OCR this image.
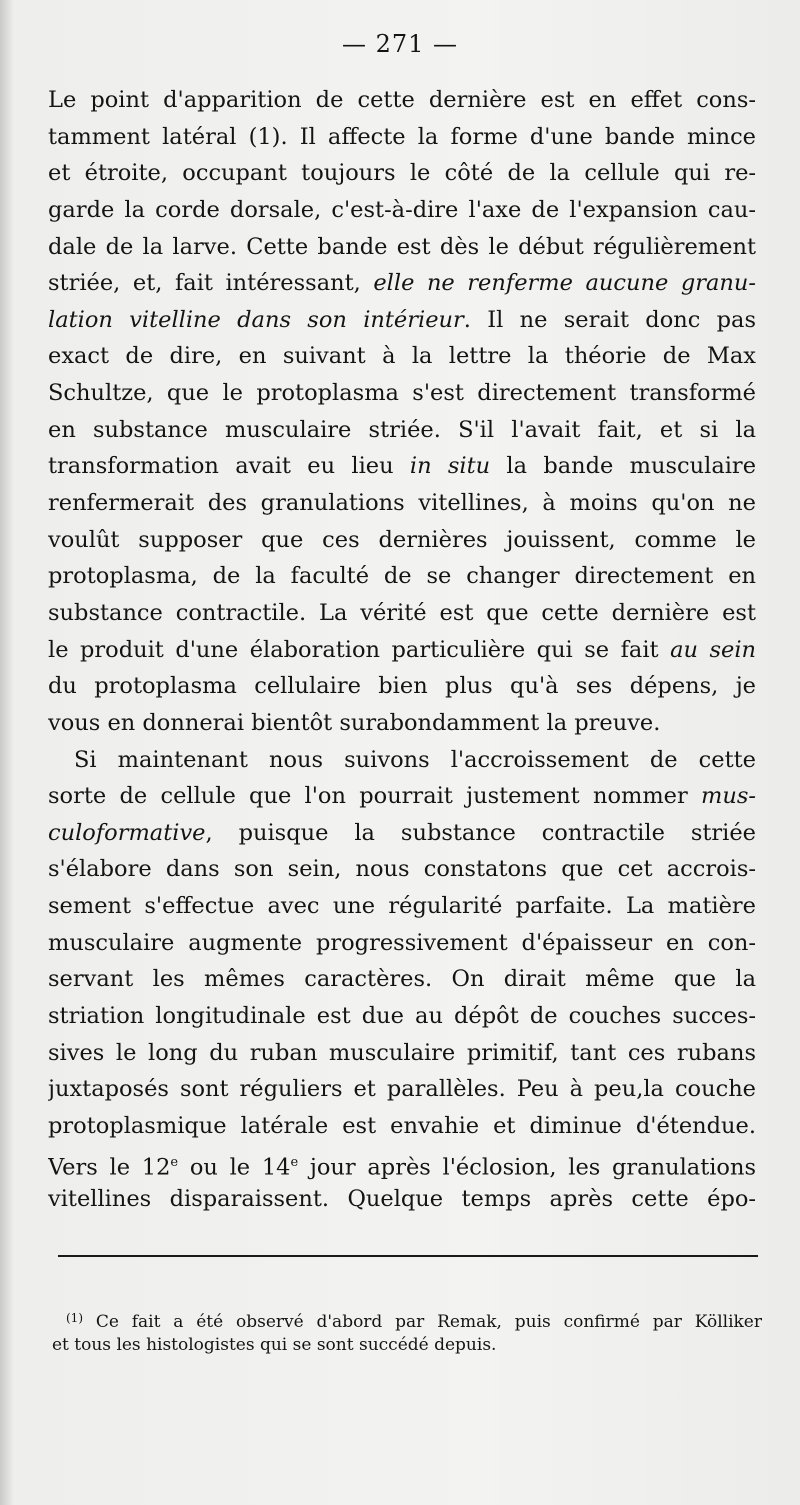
— 271 —
Le point d'apparition de cette dernière est en effet cons-
tamment latéral (1). Il affecte la forme d'une bande mince
et étroite, occupant toujours le côté de la cellule qui re-
garde la corde dorsale, c'est-à-dire l'axe de l'expansion cau-
dale de la larve. Cette bande est dès le début régulièrement
striée, et, fait intéressant, elle ne renferme aucune granu-
lation vitelline dans son intérieur. Il ne serait donc pas
exact de dire, en suivant à la lettre la théorie de Max
Schultze, que le protoplasma s'est directement transformé
en substance musculaire striée. S'il l'avait fait, et si la
transformation avait eu lieu in situ la bande musculaire
renfermerait des granulations vitellines, à moins qu'on ne
voulût supposer que ces dernières jouissent, comme le
protoplasma, de la faculté de se changer directement en
substance contractile. La vérité est que cette dernière est
le produit d'une élaboration particulière qui se fait au sein
du protoplasma cellulaire bien plus qu'à ses dépens, je
vous en donnerai bientôt surabondamment la preuve.
Si maintenant nous suivons l'accroissement de cette
sorte de cellule que l'on pourrait justement nommer mus-
culoformative, puisque la substance contractile striée
s'élabore dans son sein, nous constatons que cet accrois-
sement s'effectue avec une régularité parfaite. La matière
musculaire augmente progressivement d'épaisseur en con-
servant les mêmes caractères. On dirait même que la
striation longitudinale est due au dépôt de couches succes-
sives le long du ruban musculaire primitif, tant ces rubans
juxtaposés sont réguliers et parallèles. Peu à peu,la couche
protoplasmique latérale est envahie et diminue d'étendue.
Vers le 12e ou le 14e jour après l'éclosion, les granulations
vitellines disparaissent. Quelque temps après cette épo-
$^{(1)}$ Ce fait a été observé d'abord par Remak, puis confirmé par Kölliker
et tous les histologistes qui se sont succédé depuis.
